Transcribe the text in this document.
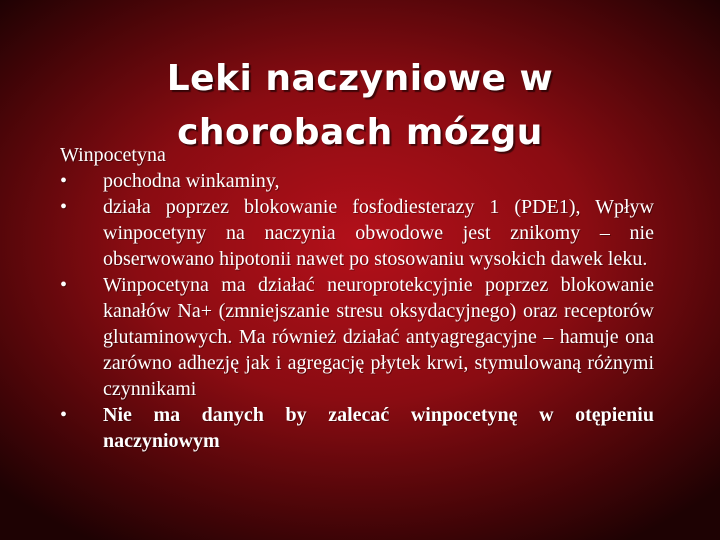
Leki naczyniowe w chorobach mózgu

Winpocetyna

• pochodna winkaminy,
• działa poprzez blokowanie fosfodiesterazy 1 (PDE1), Wpływ winpocetyny na naczynia obwodowe jest znikomy – nie obserwowano hipotonii nawet po stosowaniu wysokich dawek leku.
• Winpocetyna ma działać neuroprotekcyjnie poprzez blokowanie kanałów Na+ (zmniejszanie stresu oksydacyjnego) oraz receptorów glutaminowych. Ma również działać antyagregacyjne – hamuje ona zarówno adhezję jak i agregację płytek krwi, stymulowaną różnymi czynnikami
• Nie ma danych by zalecać winpocetynę w otępieniu naczyniowym
